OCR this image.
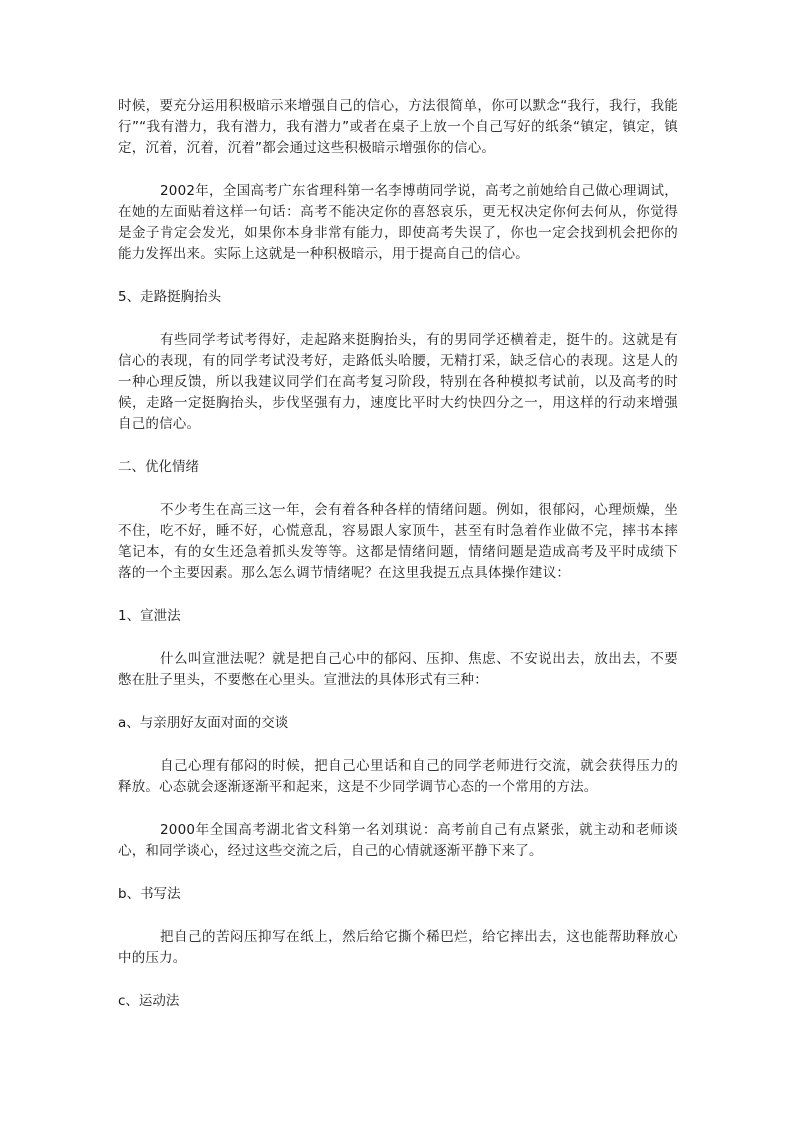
时候，要充分运用积极暗示来增强自己的信心，方法很简单，你可以默念“我行，我行，我能行”“我有潜力，我有潜力，我有潜力”或者在桌子上放一个自己写好的纸条“镇定，镇定，镇定，沉着，沉着，沉着”都会通过这些积极暗示增强你的信心。

2002年，全国高考广东省理科第一名李博萌同学说，高考之前她给自己做心理调试，在她的左面贴着这样一句话：高考不能决定你的喜怒哀乐，更无权决定你何去何从，你觉得是金子肯定会发光，如果你本身非常有能力，即使高考失误了，你也一定会找到机会把你的能力发挥出来。实际上这就是一种积极暗示，用于提高自己的信心。

5、走路挺胸抬头

有些同学考试考得好，走起路来挺胸抬头，有的男同学还横着走，挺牛的。这就是有信心的表现，有的同学考试没考好，走路低头哈腰，无精打采，缺乏信心的表现。这是人的一种心理反馈，所以我建议同学们在高考复习阶段，特别在各种模拟考试前，以及高考的时候，走路一定挺胸抬头，步伐坚强有力，速度比平时大约快四分之一，用这样的行动来增强自己的信心。

二、优化情绪

不少考生在高三这一年，会有着各种各样的情绪问题。例如，很郁闷，心理烦燥，坐不住，吃不好，睡不好，心慌意乱，容易跟人家顶牛，甚至有时急着作业做不完，摔书本摔笔记本，有的女生还急着抓头发等等。这都是情绪问题，情绪问题是造成高考及平时成绩下落的一个主要因素。那么怎么调节情绪呢？在这里我提五点具体操作建议：

1、宣泄法

什么叫宣泄法呢？就是把自己心中的郁闷、压抑、焦虑、不安说出去，放出去，不要憋在肚子里头，不要憋在心里头。宣泄法的具体形式有三种：

a、与亲朋好友面对面的交谈

自己心理有郁闷的时候，把自己心里话和自己的同学老师进行交流，就会获得压力的释放。心态就会逐渐逐渐平和起来，这是不少同学调节心态的一个常用的方法。

2000年全国高考湖北省文科第一名刘琪说：高考前自己有点紧张，就主动和老师谈心，和同学谈心，经过这些交流之后，自己的心情就逐渐平静下来了。

b、书写法

把自己的苦闷压抑写在纸上，然后给它撕个稀巴烂，给它摔出去，这也能帮助释放心中的压力。

c、运动法
